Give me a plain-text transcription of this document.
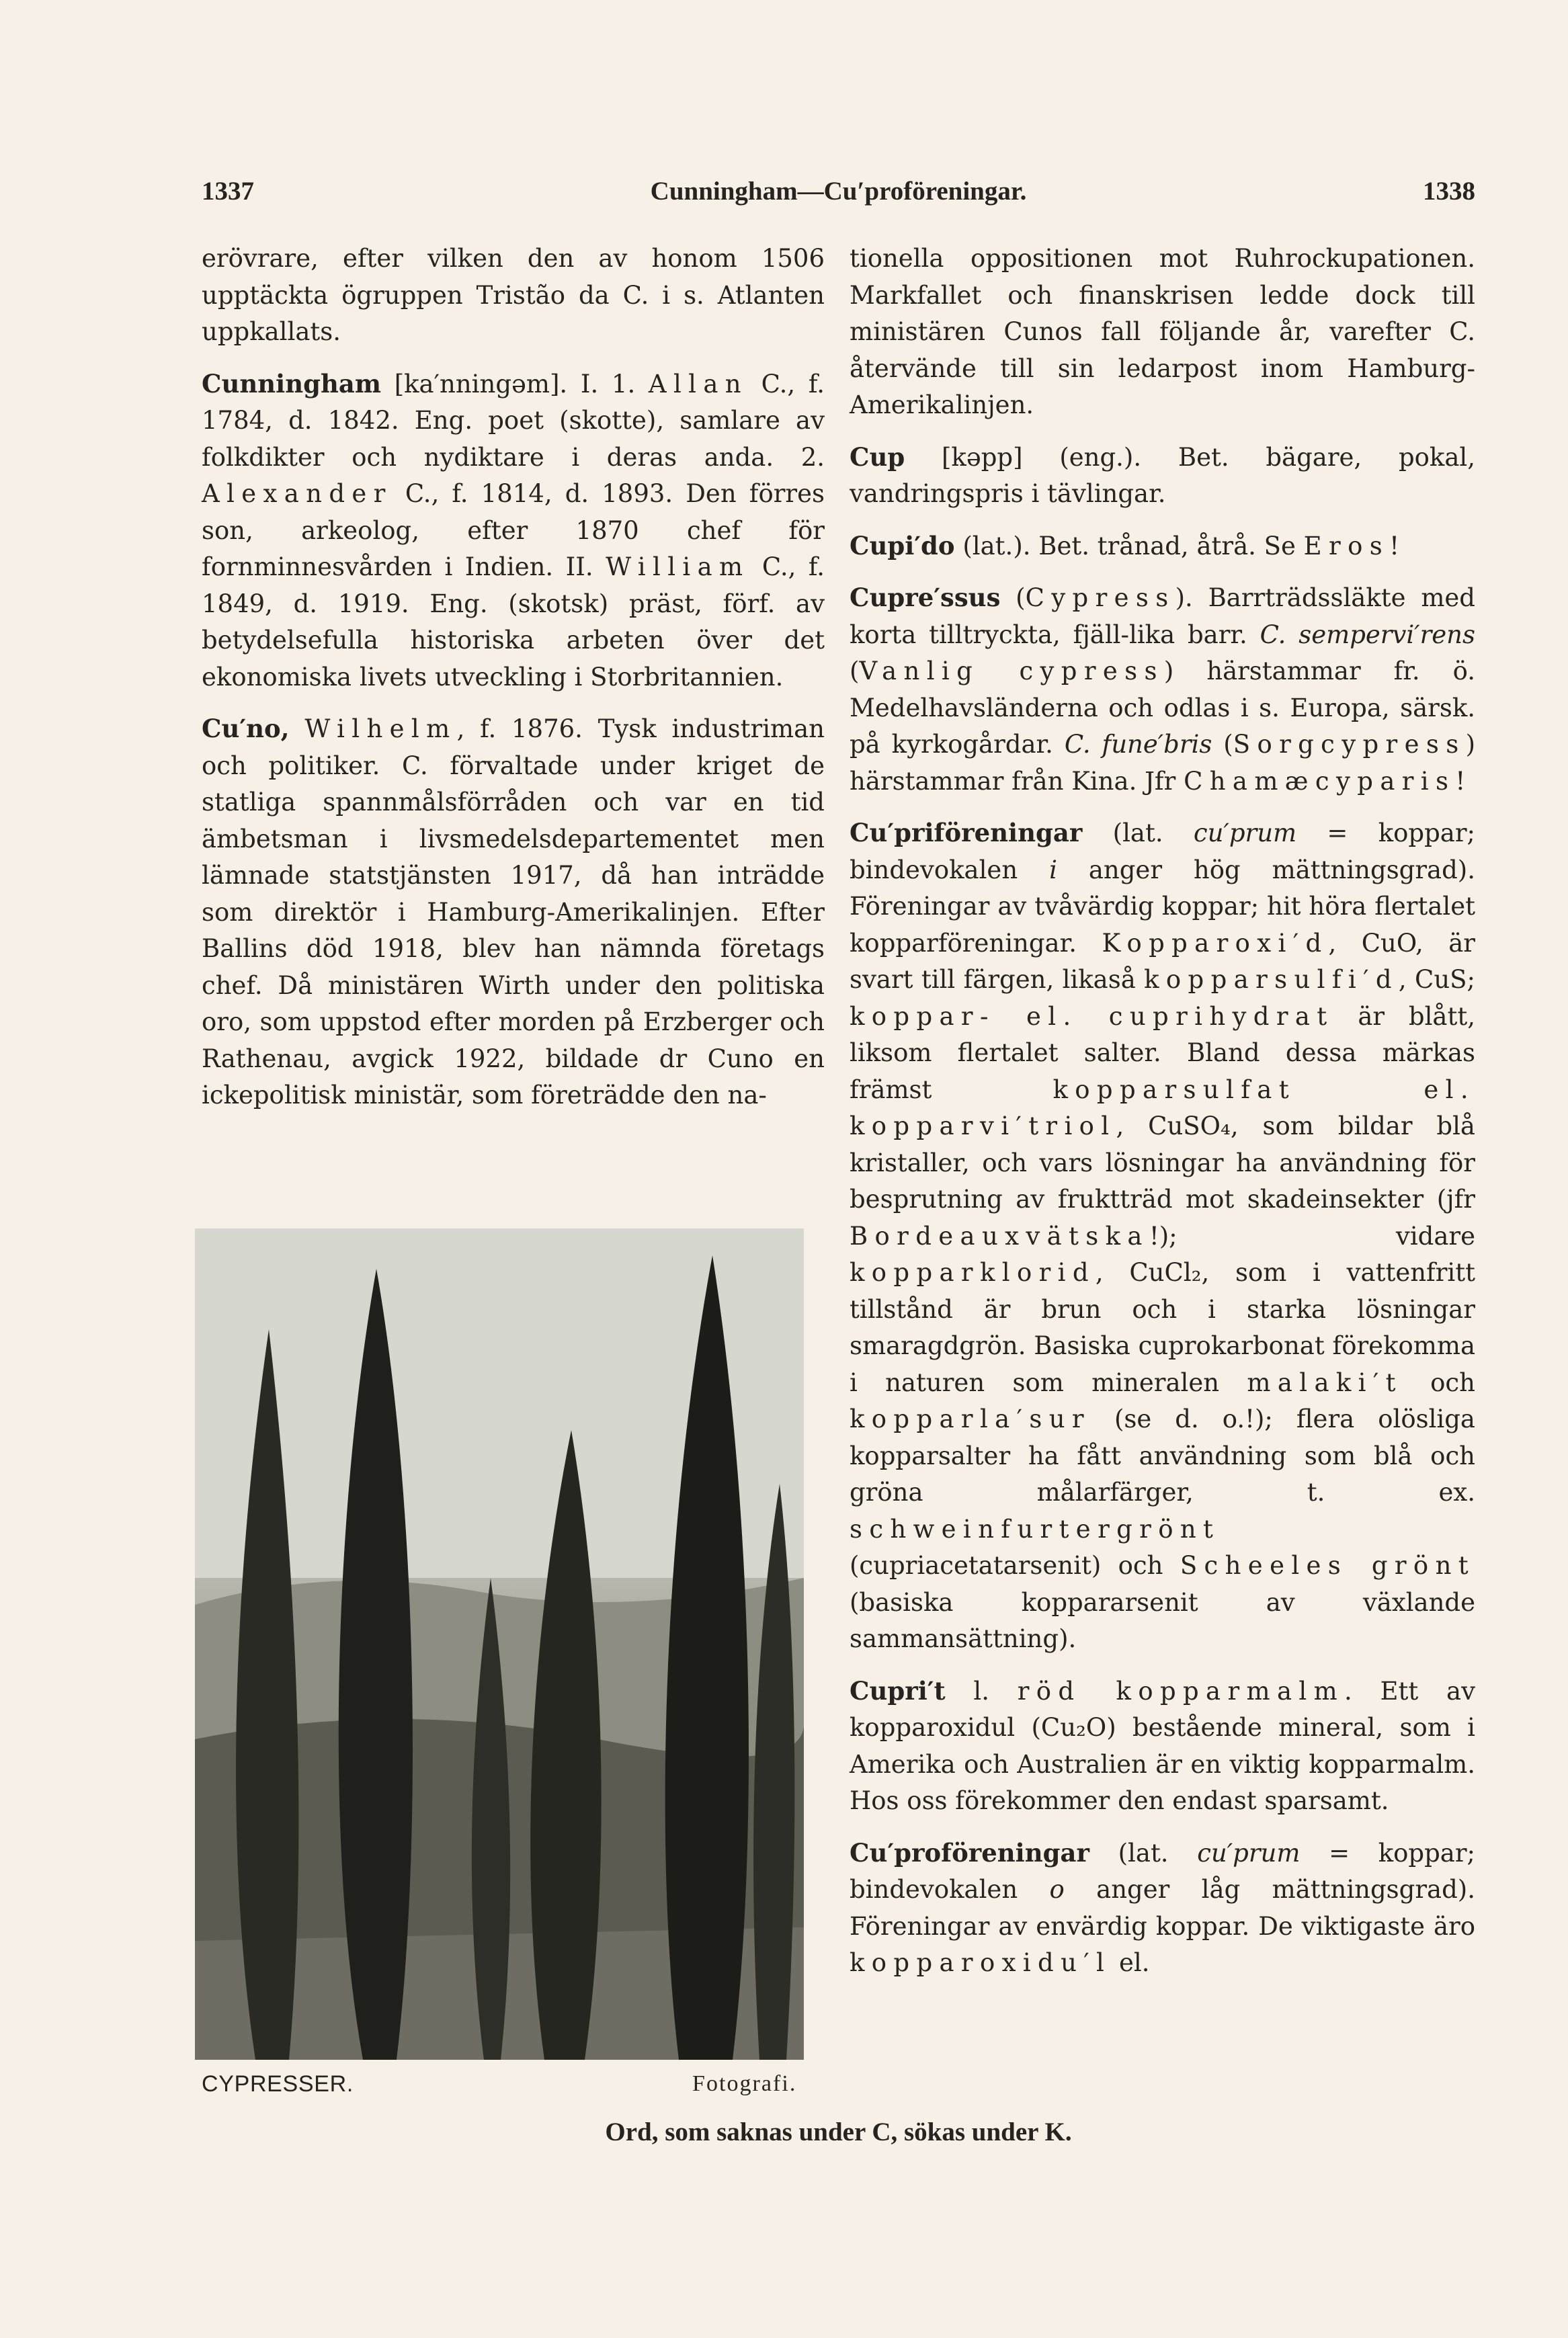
1337	Cunningham—Cu′proföreningar.	1338

erövrare, efter vilken den av honom 1506 upptäckta ögruppen Tristão da C. i s. Atlanten uppkallats.

Cunningham [ka′nningəm]. I. 1. Allan C., f. 1784, d. 1842. Eng. poet (skotte), samlare av folkdikter och nydiktare i deras anda. 2. Alexander C., f. 1814, d. 1893. Den förres son, arkeolog, efter 1870 chef för fornminnesvården i Indien. II. William C., f. 1849, d. 1919. Eng. (skotsk) präst, förf. av betydelsefulla historiska arbeten över det ekonomiska livets utveckling i Storbritannien.

Cu′no, Wilhelm, f. 1876. Tysk industriman och politiker. C. förvaltade under kriget de statliga spannmålsförråden och var en tid ämbetsman i livsmedelsdepartementet men lämnade statstjänsten 1917, då han inträdde som direktör i Hamburg-Amerikalinjen. Efter Ballins död 1918, blev han nämnda företags chef. Då ministären Wirth under den politiska oro, som uppstod efter morden på Erzberger och Rathenau, avgick 1922, bildade dr Cuno en ickepolitisk ministär, som företrädde den na-

CYPRESSER.	Fotografi.

tionella oppositionen mot Ruhrockupationen. Markfallet och finanskrisen ledde dock till ministären Cunos fall följande år, varefter C. återvände till sin ledarpost inom Hamburg-Amerikalinjen.

Cup [kəpp] (eng.). Bet. bägare, pokal, vandringspris i tävlingar.

Cupi′do (lat.). Bet. trånad, åtrå. Se Eros!

Cupre′ssus (Cypress). Barrträdssläkte med korta tilltryckta, fjäll-lika barr. C. sempervi′rens (Vanlig cypress) härstammar fr. ö. Medelhavsländerna och odlas i s. Europa, särsk. på kyrkogårdar. C. fune′bris (Sorgcypress) härstammar från Kina. Jfr Chamæcyparis!

Cu′priföreningar (lat. cu′prum = koppar; bindevokalen i anger hög mättningsgrad). Föreningar av tvåvärdig koppar; hit höra flertalet kopparföreningar. Kopparoxi′d, CuO, är svart till färgen, likaså kopparsulfi′d, CuS; koppar- el. cuprihydrat är blått, liksom flertalet salter. Bland dessa märkas främst kopparsulfat el. kopparvi′triol, CuSO₄, som bildar blå kristaller, och vars lösningar ha användning för besprutning av fruktträd mot skadeinsekter (jfr Bordeauxvätska!); vidare kopparklorid, CuCl₂, som i vattenfritt tillstånd är brun och i starka lösningar smaragdgrön. Basiska cuprokarbonat förekomma i naturen som mineralen malaki′t och kopparla′sur (se d. o.!); flera olösliga kopparsalter ha fått användning som blå och gröna målarfärger, t. ex. schweinfurtergrönt (cupriacetatarsenit) och Scheeles grönt (basiska koppararsenit av växlande sammansättning).

Cupri′t l. röd kopparmalm. Ett av kopparoxidul (Cu₂O) bestående mineral, som i Amerika och Australien är en viktig kopparmalm. Hos oss förekommer den endast sparsamt.

Cu′proföreningar (lat. cu′prum = koppar; bindevokalen o anger låg mättningsgrad). Föreningar av envärdig koppar. De viktigaste äro kopparoxidu′l el.

Ord, som saknas under C, sökas under K.
